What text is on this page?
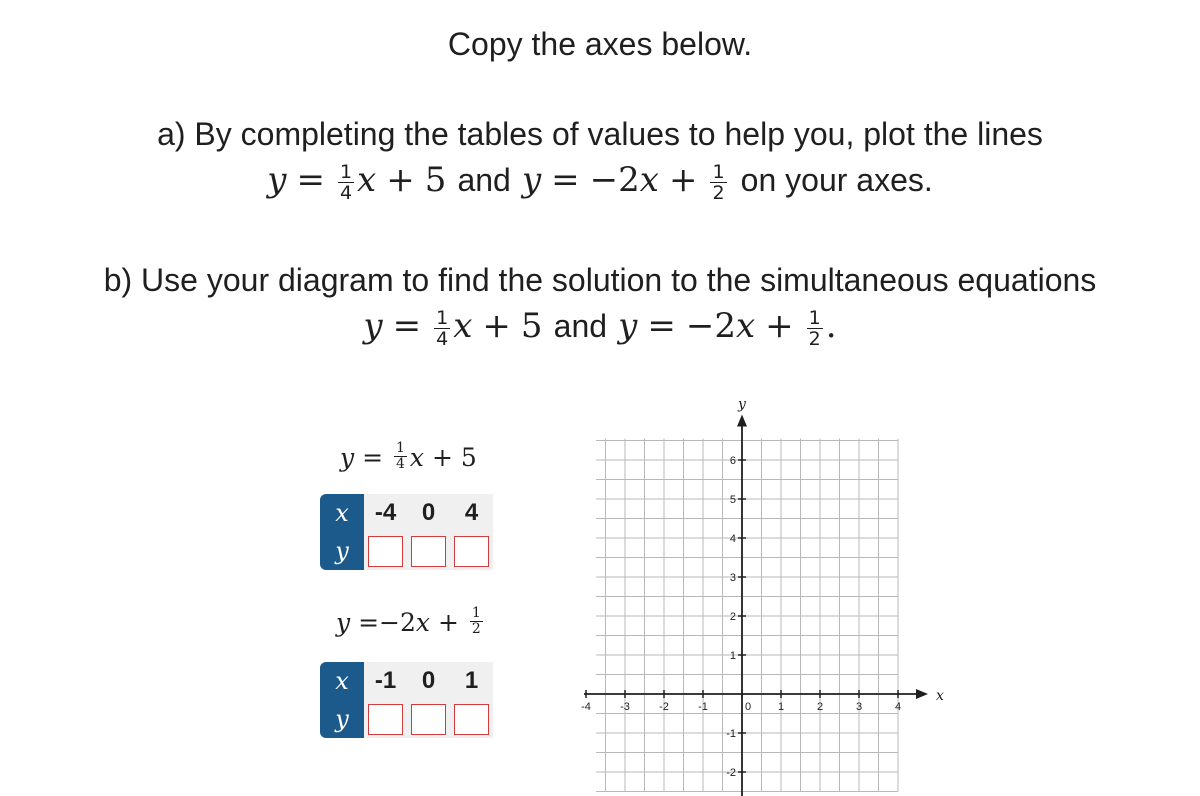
Copy the axes below.
a) By completing the tables of values to help you, plot the lines
$y = \frac{1}{4}$ x + 5 and $y = -2x + \frac{1}{2}$ on your axes.
b) Use your diagram to find the solution to the simultaneous equations
$y = \frac{1}{4}$ x + 5 and $y = -2x + \frac{1}{2}$ .
$y = \frac{1}{4}$ x + 5
x	-4	0	4
y			
$y =-2x + \frac{1}{2}$
x	-1	0	1
y			
x
y
-4	-3	-2	-1	0 1	2	3	4
-2
-1
1
2
3
4
5
6
